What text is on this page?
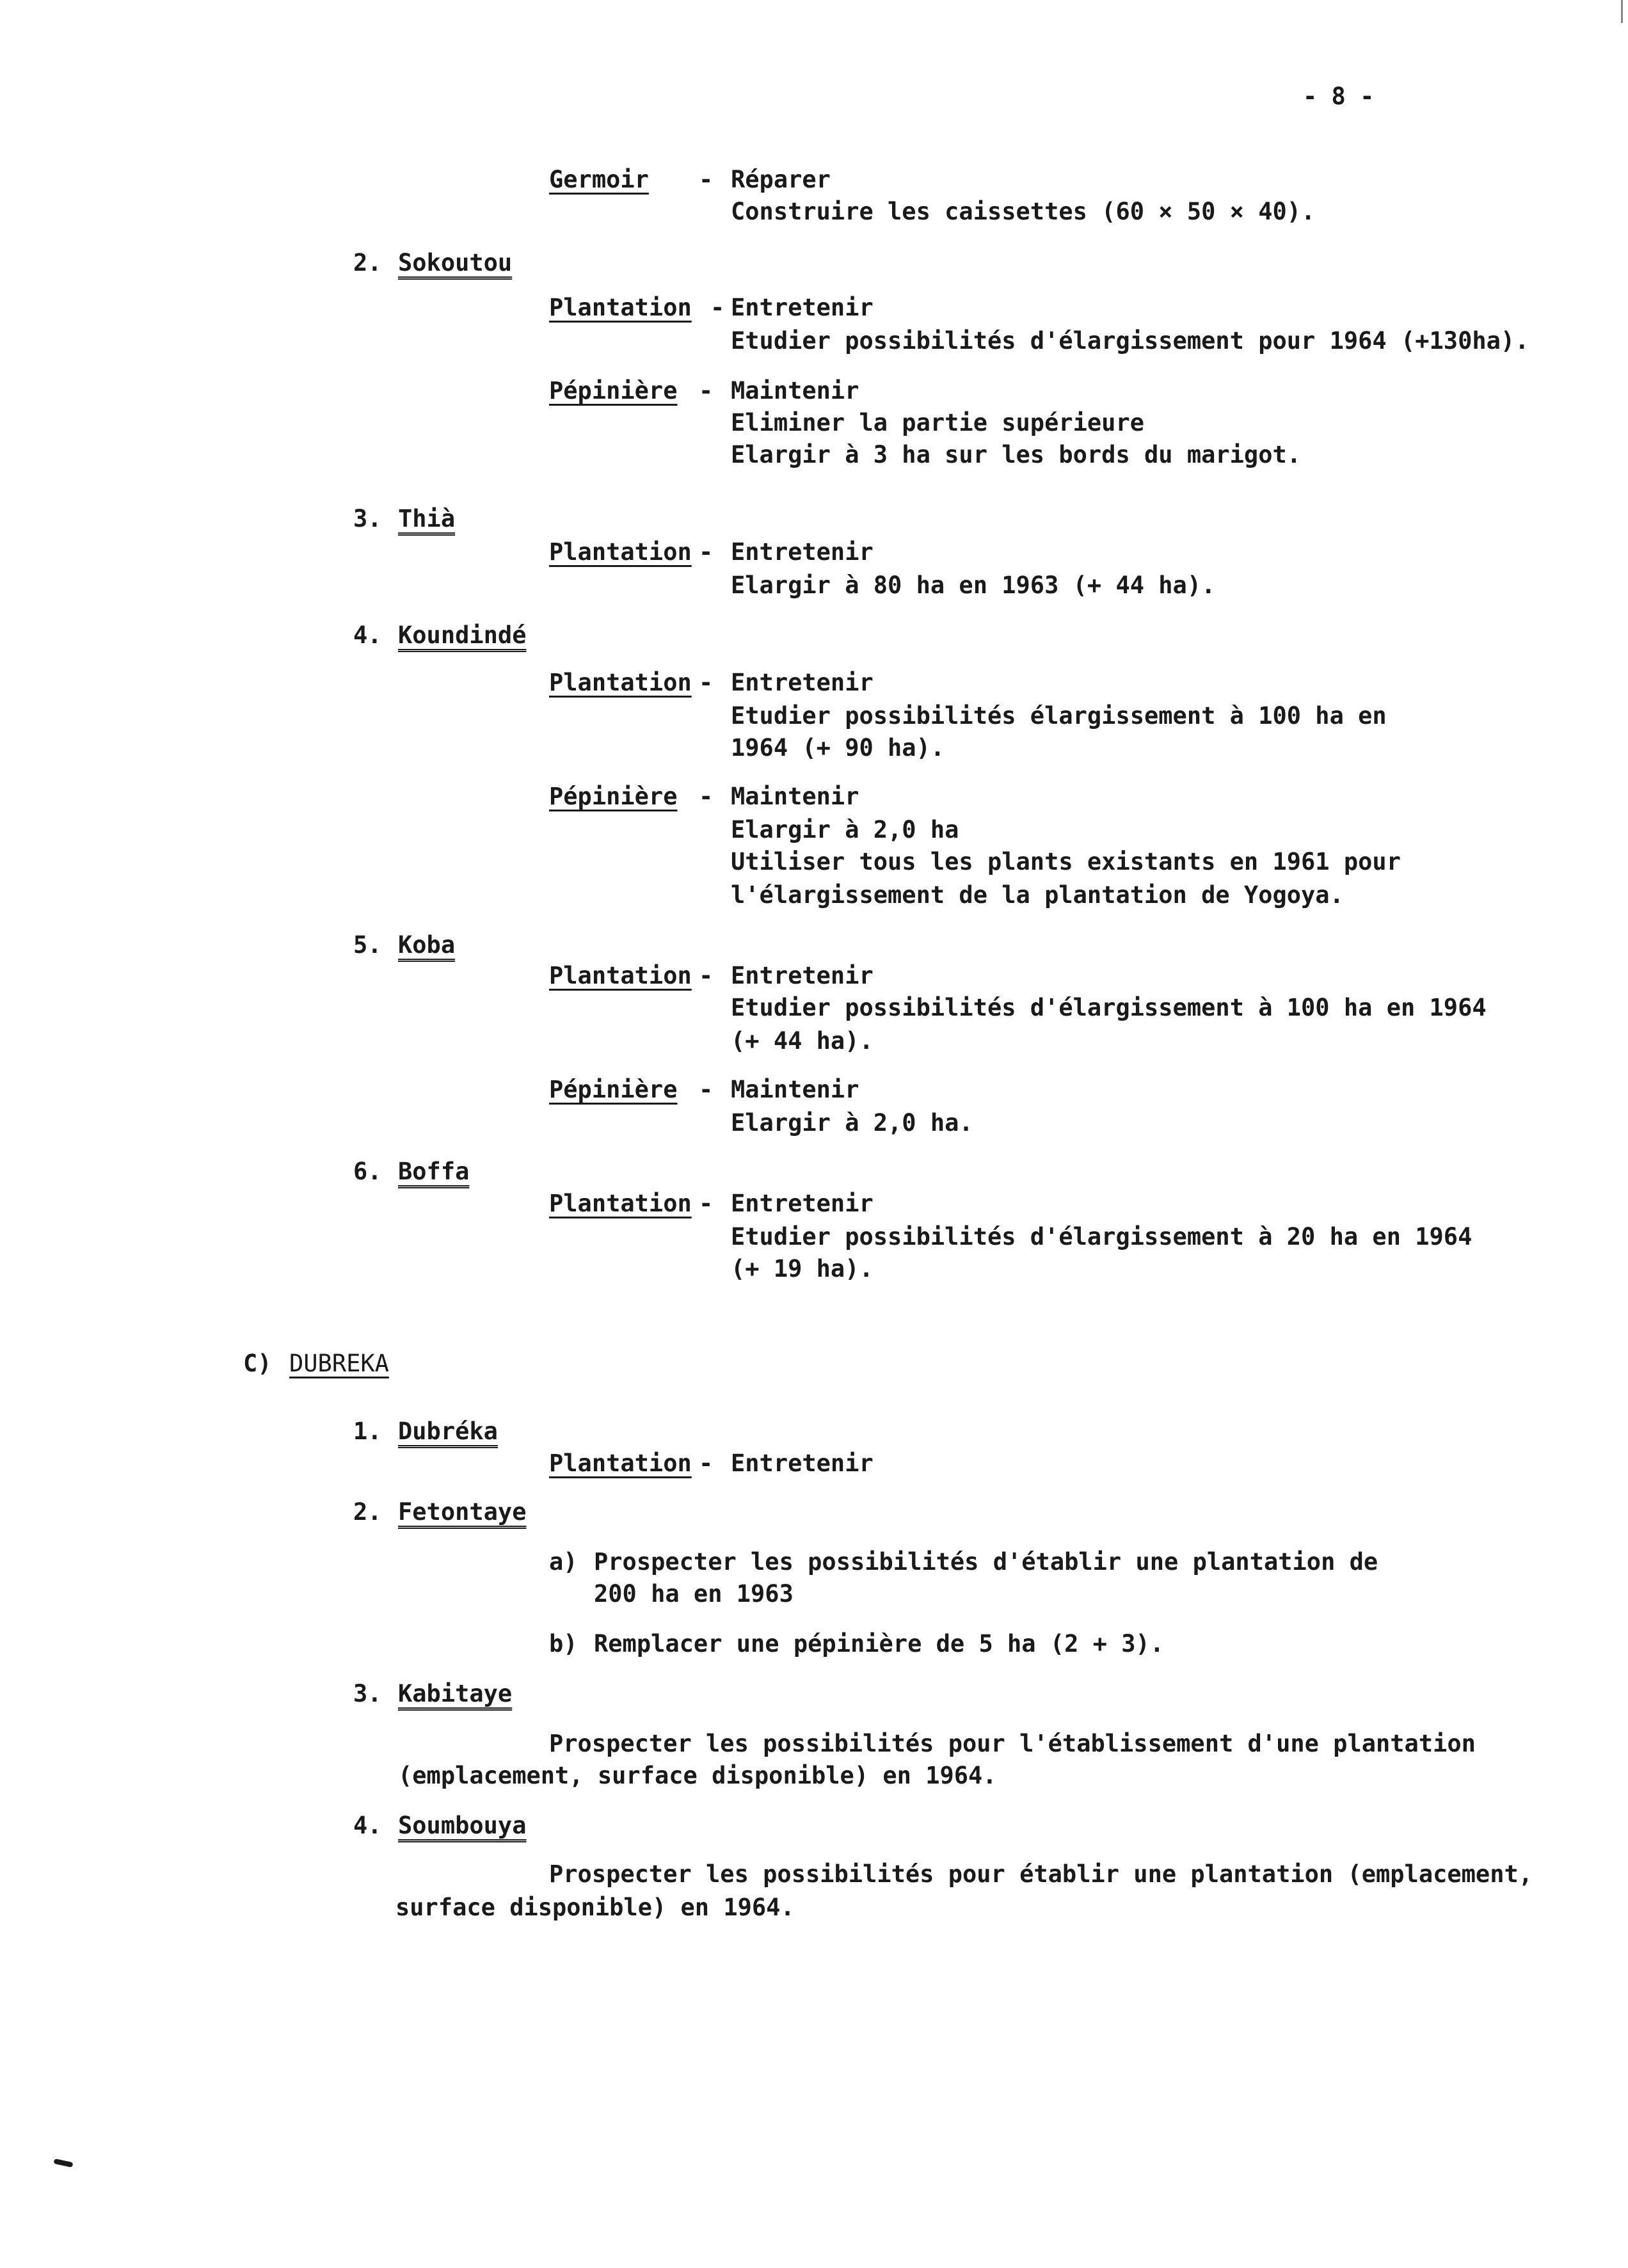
- 8 -
Germoir - Réparer
Construire les caissettes (60 × 50 × 40).
2. Sokoutou
Plantation - Entretenir
Etudier possibilités d'élargissement pour 1964 (+130ha).
Pépinière - Maintenir
Eliminer la partie supérieure
Elargir à 3 ha sur les bords du marigot.
3. Thià
Plantation - Entretenir
Elargir à 80 ha en 1963 (+ 44 ha).
4. Koundindé
Plantation - Entretenir
Etudier possibilités élargissement à 100 ha en
1964 (+ 90 ha).
Pépinière - Maintenir
Elargir à 2,0 ha
Utiliser tous les plants existants en 1961 pour
l'élargissement de la plantation de Yogoya.
5. Koba
Plantation - Entretenir
Etudier possibilités d'élargissement à 100 ha en 1964
(+ 44 ha).
Pépinière - Maintenir
Elargir à 2,0 ha.
6. Boffa
Plantation - Entretenir
Etudier possibilités d'élargissement à 20 ha en 1964
(+ 19 ha).
C) DUBREKA
1. Dubréka
Plantation - Entretenir
2. Fetontaye
a) Prospecter les possibilités d'établir une plantation de
200 ha en 1963
b) Remplacer une pépinière de 5 ha (2 + 3).
3. Kabitaye
Prospecter les possibilités pour l'établissement d'une plantation
(emplacement, surface disponible) en 1964.
4. Soumbouya
Prospecter les possibilités pour établir une plantation (emplacement,
surface disponible) en 1964.
